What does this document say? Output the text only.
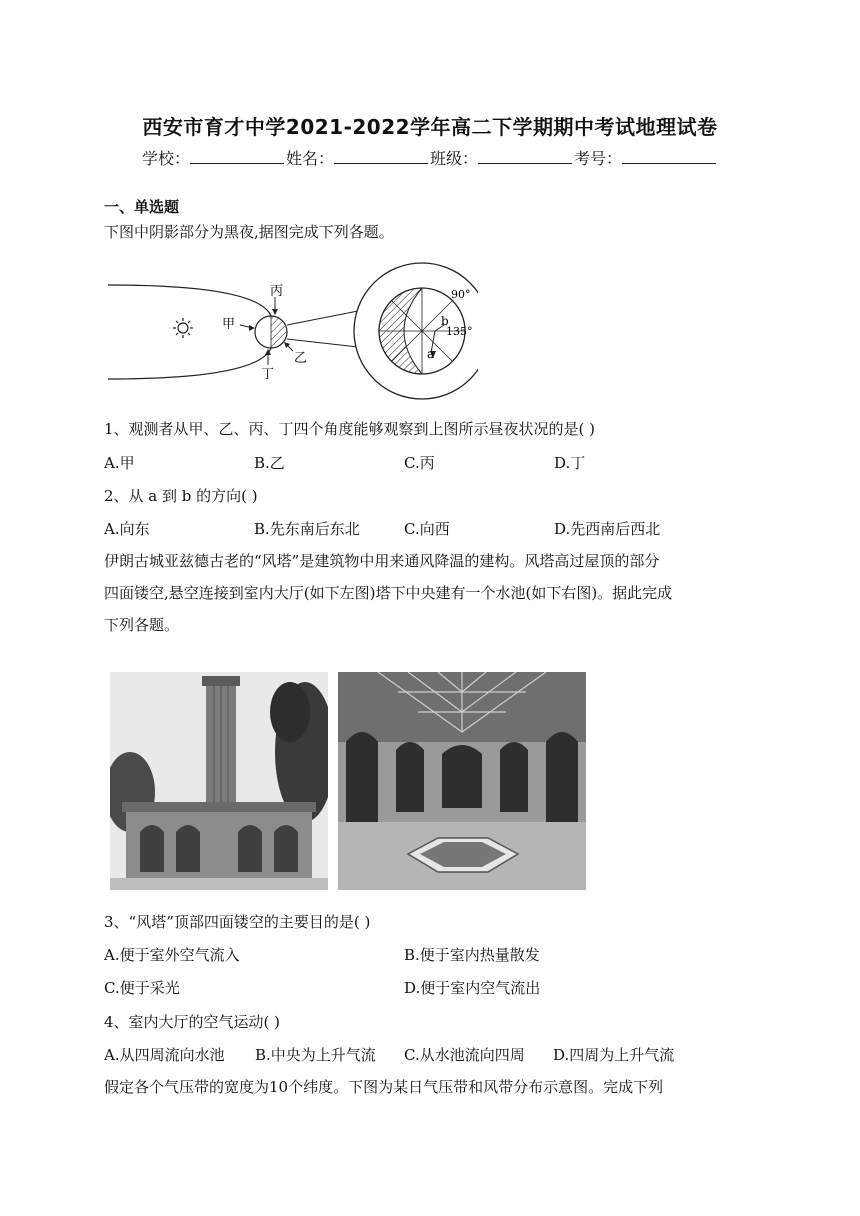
西安市育才中学2021-2022学年高二下学期期中考试地理试卷
学校：	姓名：	班级：	考号：
一、单选题
下图中阴影部分为黑夜,据图完成下列各题。
丙
甲
乙
丁
90°
135°
b
a
1、观测者从甲、乙、丙、丁四个角度能够观察到上图所示昼夜状况的是( )
A.甲	B.乙	C.丙	D.丁
2、从 a 到 b 的方向( )
A.向东	B.先东南后东北	C.向西	D.先西南后西北
伊朗古城亚兹德古老的“风塔”是建筑物中用来通风降温的建构。风塔高过屋顶的部分
四面镂空,悬空连接到室内大厅(如下左图)塔下中央建有一个水池(如下右图)。据此完成
下列各题。
3、“风塔”顶部四面镂空的主要目的是( )
A.便于室外空气流入	B.便于室内热量散发
C.便于采光	D.便于室内空气流出
4、室内大厅的空气运动( )
A.从四周流向水池 B.中央为上升气流 C.从水池流向四周 D.四周为上升气流
假定各个气压带的宽度为10个纬度。下图为某日气压带和风带分布示意图。完成下列
